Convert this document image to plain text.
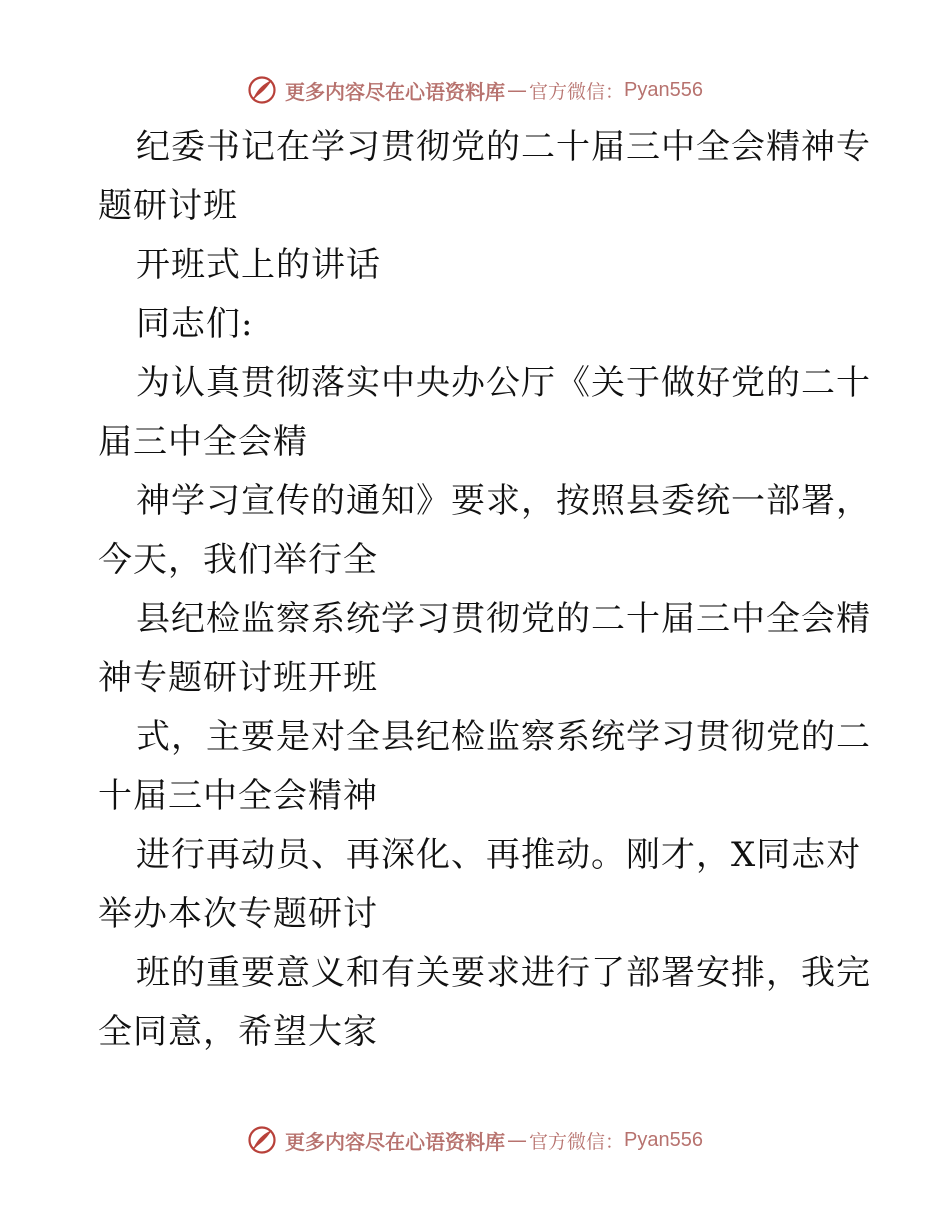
更多内容尽在心语资料库 — 官方微信： Pyan556
纪委书记在学习贯彻党的二十届三中全会精神专
题研讨班
开班式上的讲话
同志们:
为认真贯彻落实中央办公厅《关于做好党的二十
届三中全会精
神学习宣传的通知》要求，按照县委统一部署，
今天，我们举行全
县纪检监察系统学习贯彻党的二十届三中全会精
神专题研讨班开班
式，主要是对全县纪检监察系统学习贯彻党的二
十届三中全会精神
进行再动员、再深化、再推动。刚才，X同志对
举办本次专题研讨
班的重要意义和有关要求进行了部署安排，我完
全同意，希望大家
更多内容尽在心语资料库 — 官方微信： Pyan556
